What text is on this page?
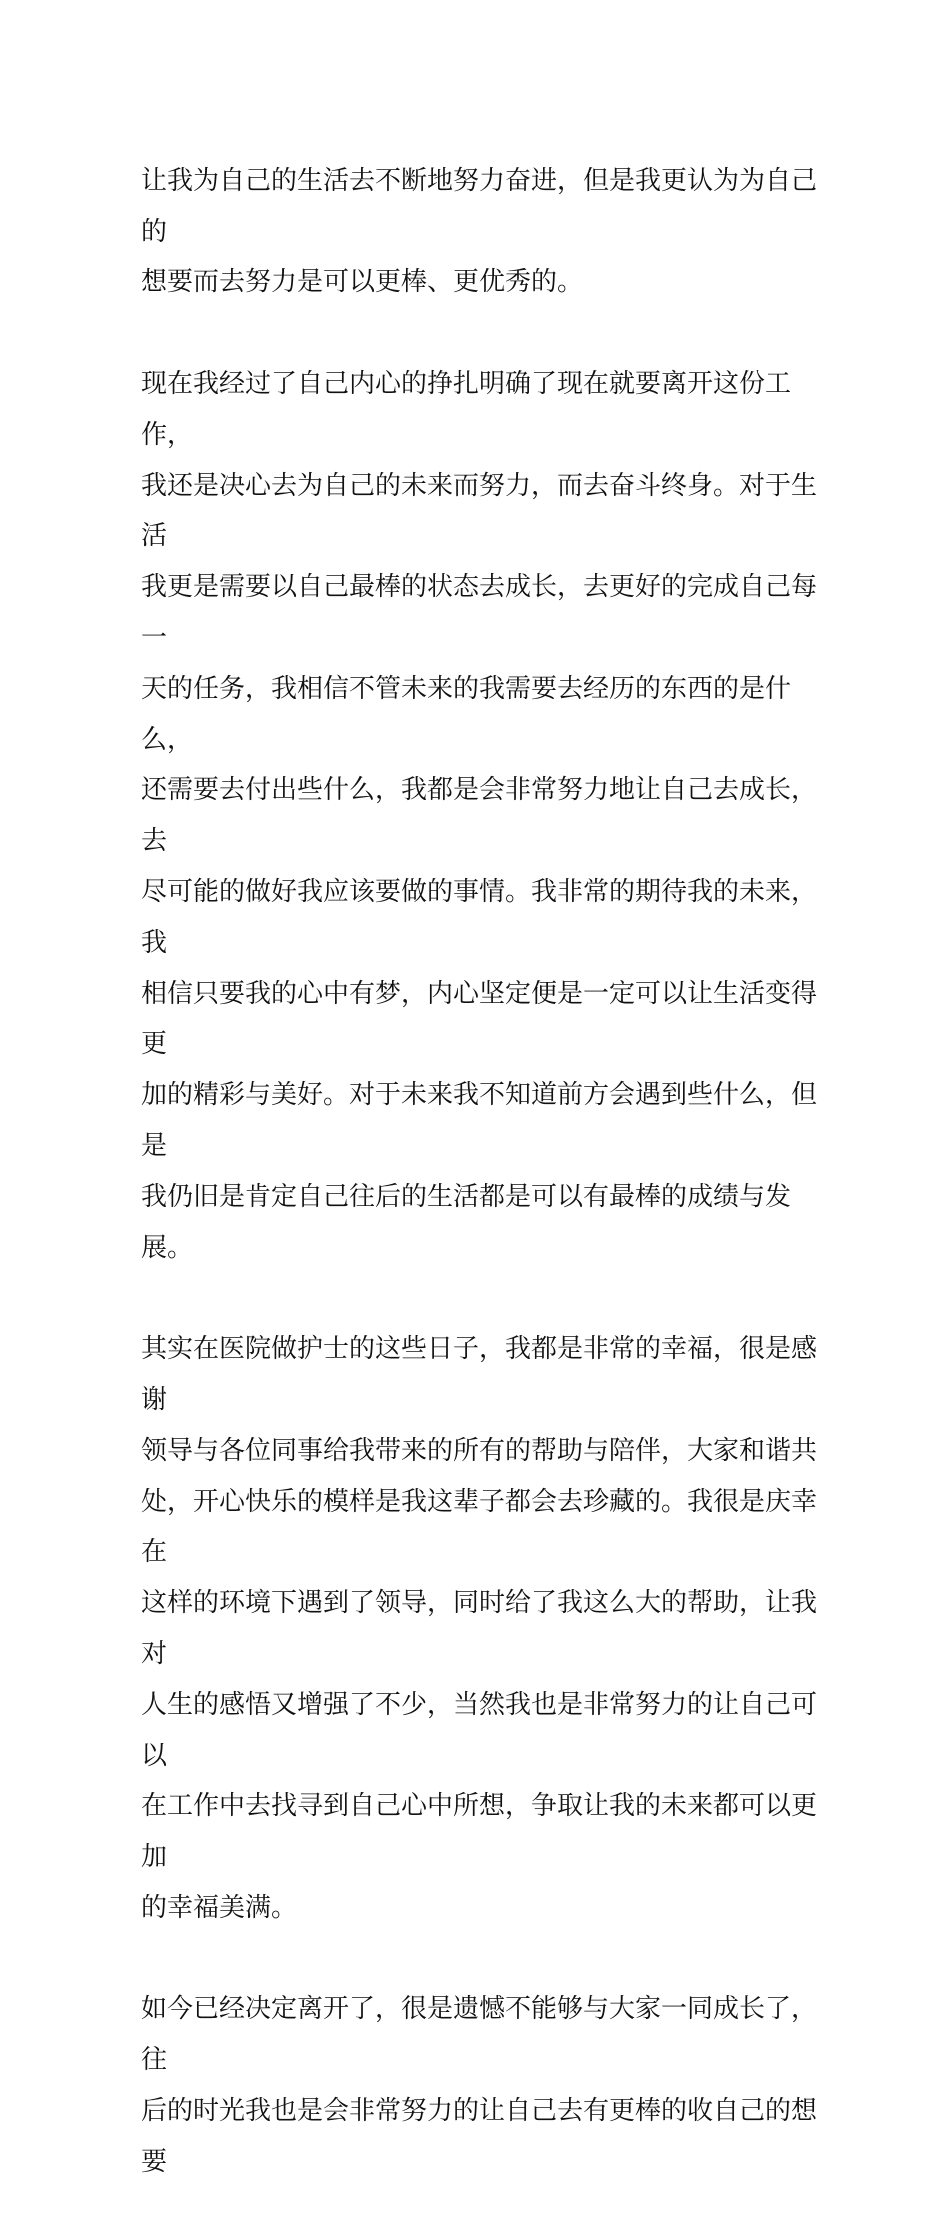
让我为自己的生活去不断地努力奋进，但是我更认为为自己的
想要而去努力是可以更棒、更优秀的。

现在我经过了自己内心的挣扎明确了现在就要离开这份工作，
我还是决心去为自己的未来而努力，而去奋斗终身。对于生活
我更是需要以自己最棒的状态去成长，去更好的完成自己每一
天的任务，我相信不管未来的我需要去经历的东西的是什么，
还需要去付出些什么，我都是会非常努力地让自己去成长，去
尽可能的做好我应该要做的事情。我非常的期待我的未来，我
相信只要我的心中有梦，内心坚定便是一定可以让生活变得更
加的精彩与美好。对于未来我不知道前方会遇到些什么，但是
我仍旧是肯定自己往后的生活都是可以有最棒的成绩与发展。

其实在医院做护士的这些日子，我都是非常的幸福，很是感谢
领导与各位同事给我带来的所有的帮助与陪伴，大家和谐共
处，开心快乐的模样是我这辈子都会去珍藏的。我很是庆幸在
这样的环境下遇到了领导，同时给了我这么大的帮助，让我对
人生的感悟又增强了不少，当然我也是非常努力的让自己可以
在工作中去找寻到自己心中所想，争取让我的未来都可以更加
的幸福美满。

如今已经决定离开了，很是遗憾不能够与大家一同成长了，往
后的时光我也是会非常努力的让自己去有更棒的收自己的想要
